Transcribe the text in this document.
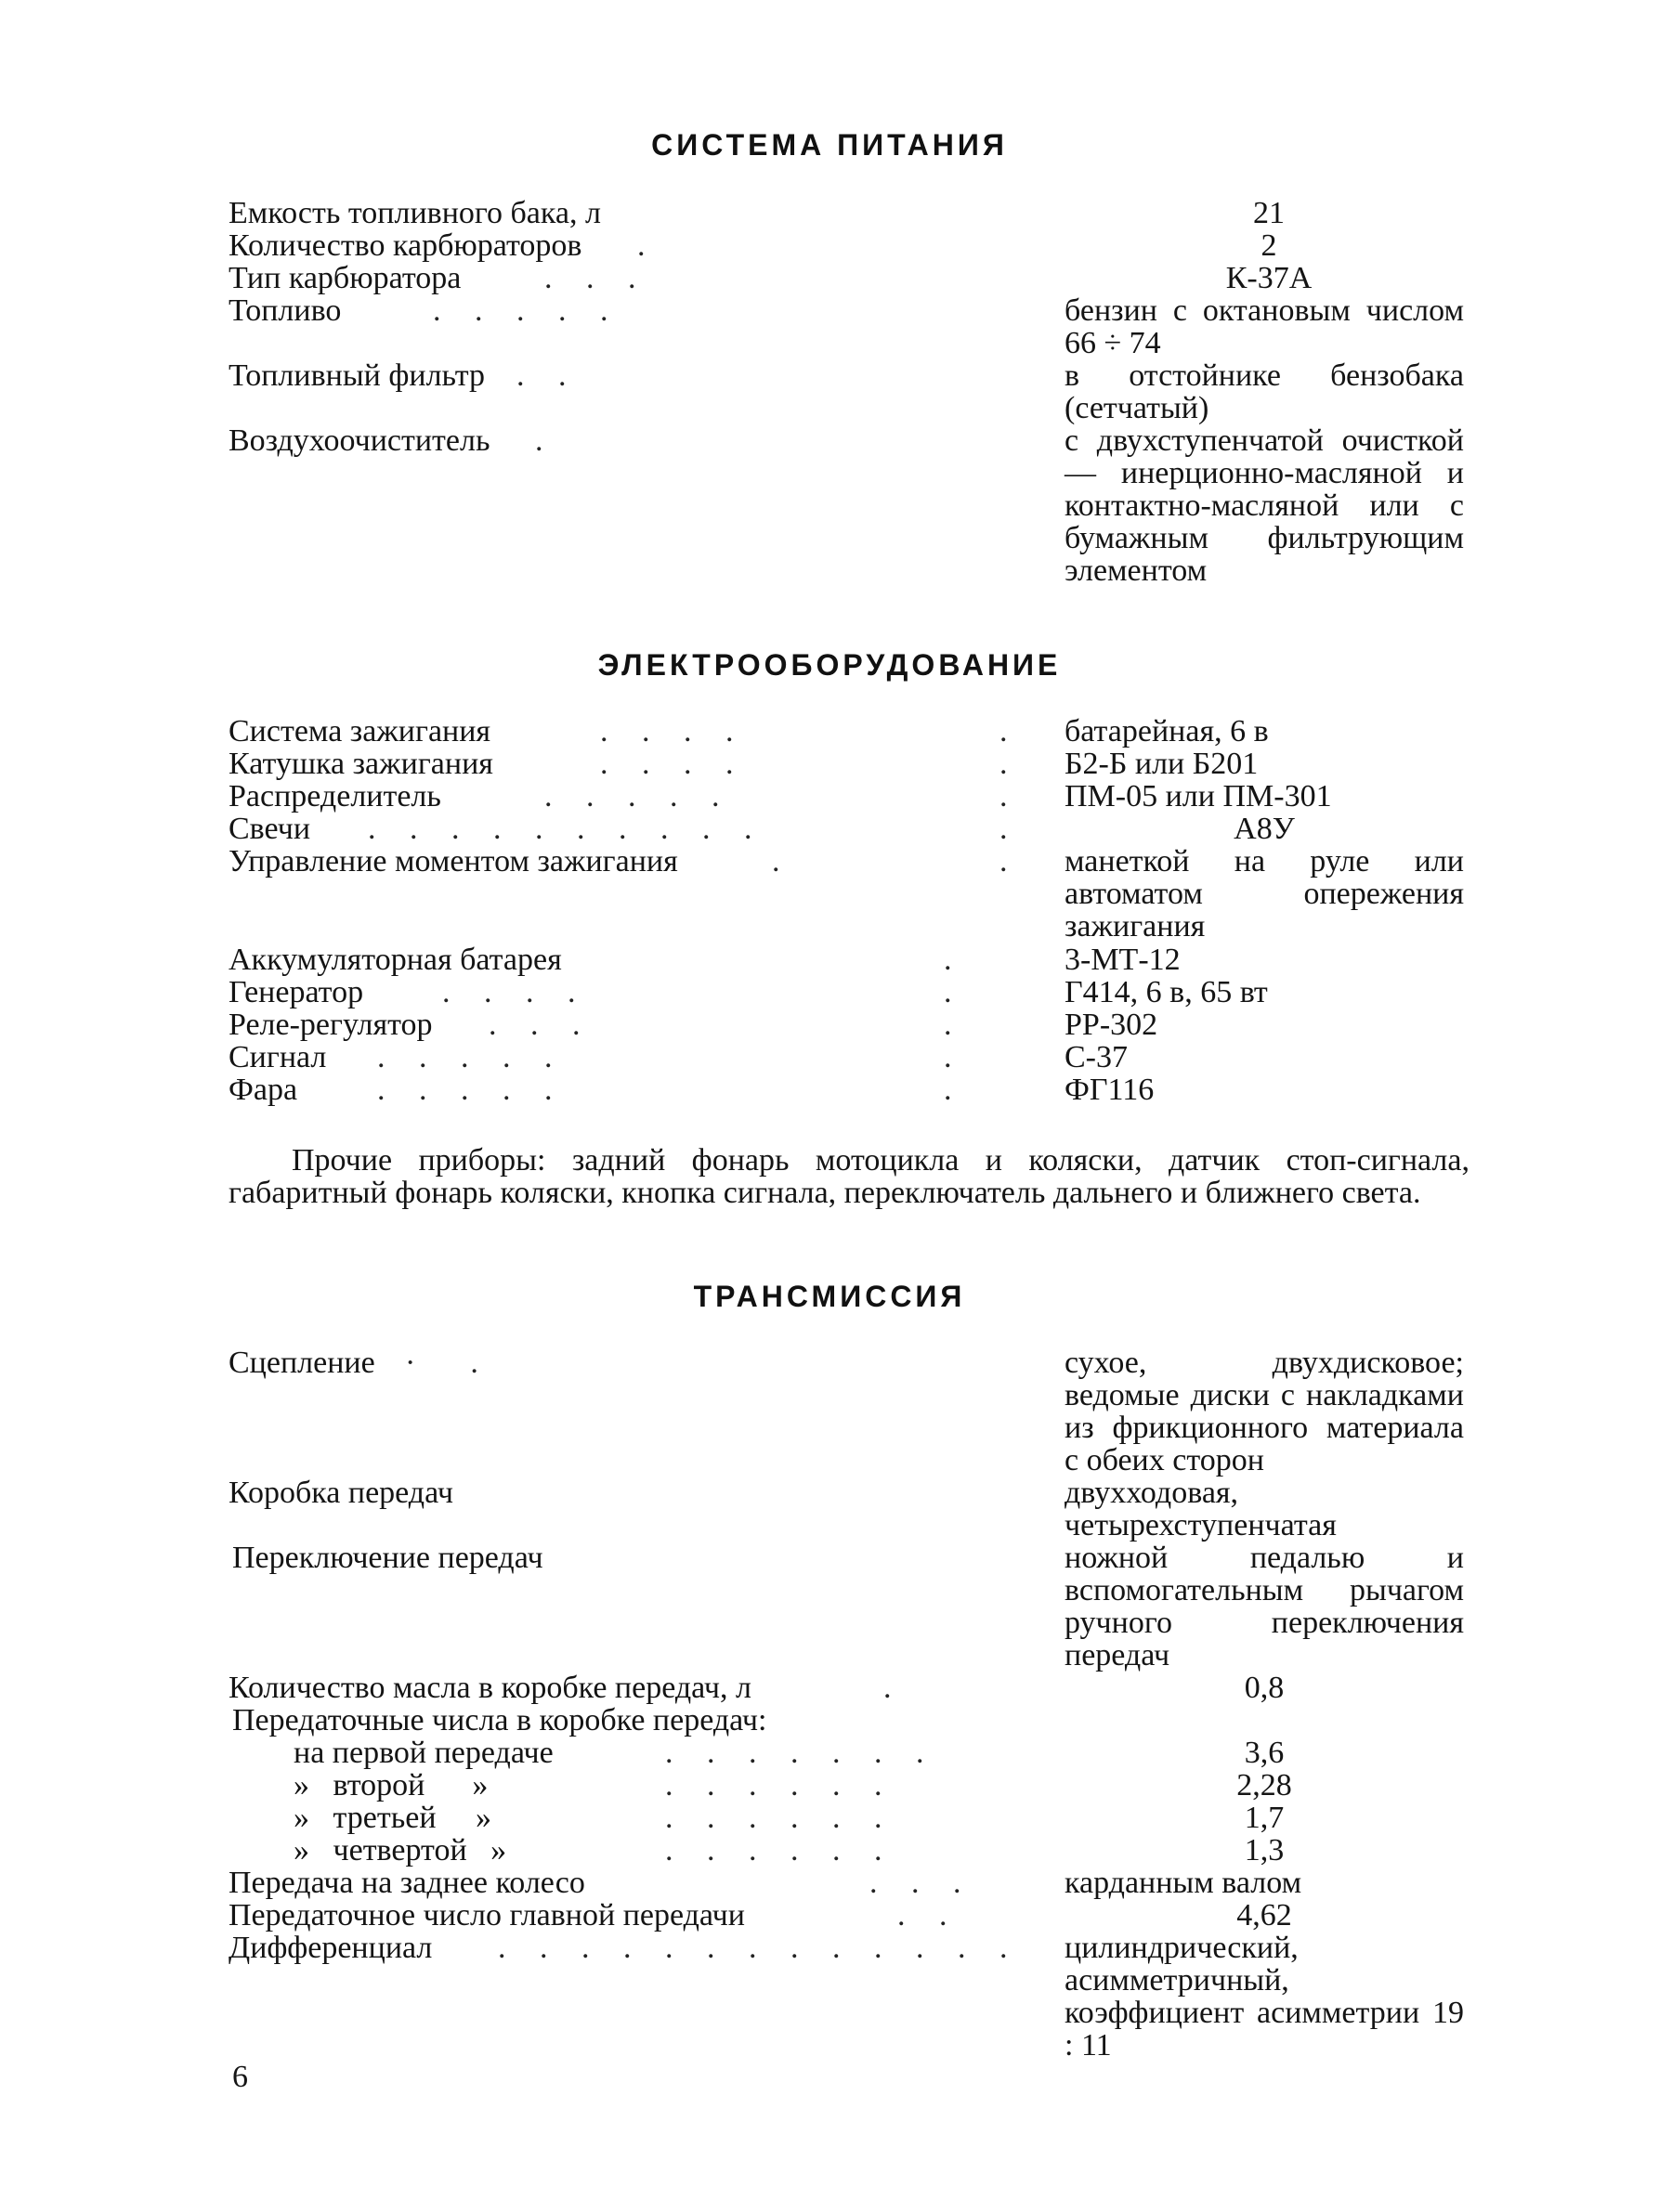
СИСТЕМА ПИТАНИЯ
Емкость топливного бака, л	21
Количество карбюраторов .	2
Тип карбюратора	. . .	К-37А
Топливо	. . . . .	бензин с октановым числом 66 ÷ 74
Топливный фильтр . .	в отстойнике бензобака (сетчатый)
Воздухоочиститель .	с двухступенчатой очисткой — инерционно-масляной и контактно-масляной или с бумажным фильтрующим элементом
ЭЛЕКТРООБОРУДОВАНИЕ
Система зажигания	. . . .	. батарейная, 6 в
Катушка зажигания	. . . .	. Б2-Б или Б201
Распределитель	. . . . .	. ПМ-05 или ПМ-301
Свечи . . . . . . . . . .	.	А8У
Управление моментом зажигания	.	. манеткой на руле или автоматом опережения зажигания
Аккумуляторная батарея	.	3-МТ-12
Генератор . . . .	.	Г414, 6 в, 65 вт
Реле-регулятор . . .	.	РР-302
Сигнал . . . . .	.	С-37
Фара	. . . . .	.	ФГ116
Прочие приборы: задний фонарь мотоцикла и коляски, датчик стоп-сигнала, габаритный фонарь коляски, кнопка сигнала, переключатель дальнего и ближнего света.
ТРАНСМИССИЯ
Сцепление ·  .	сухое, двухдисковое; ведомые диски с накладками из фрикционного материала с обеих сторон
Коробка передач	двухходовая, четырехступенчатая
Переключение передач	ножной педалью и вспомогательным рычагом ручного переключения передач
Количество масла в коробке передач, л	.	0,8
Передаточные числа в коробке передач:
на первой передаче	. . . . . . .	3,6
»   второй      »	. . . . . .	2,28
»   третьей     »	. . . . . .	1,7
»   четвертой   »	. . . . . .	1,3
Передача на заднее колесо	. . .	карданным валом
Передаточное число главной передачи	. .	4,62
Дифференциал . . . . . . . . . . . . . цилиндрический, асимметричный, коэффициент асимметрии 19 : 11
6
